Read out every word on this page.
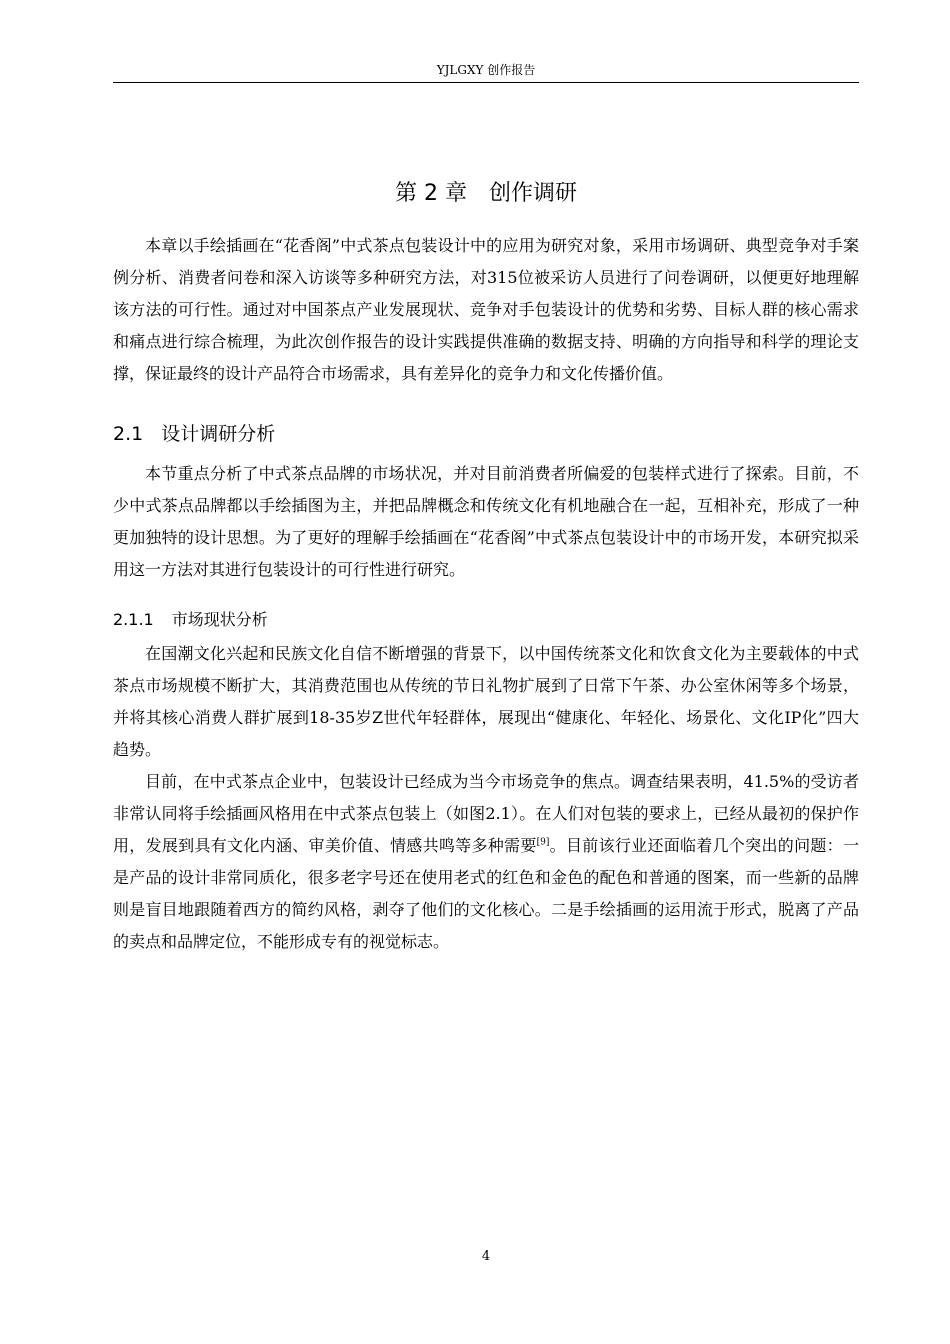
YJLGXY 创作报告
第 2 章 创作调研

本章以手绘插画在“花香阁”中式茶点包装设计中的应用为研究对象，采用市场调研、典型竞争对手案例分析、消费者问卷和深入访谈等多种研究方法，对315位被采访人员进行了问卷调研，以便更好地理解该方法的可行性。通过对中国茶点产业发展现状、竞争对手包装设计的优势和劣势、目标人群的核心需求和痛点进行综合梳理，为此次创作报告的设计实践提供准确的数据支持、明确的方向指导和科学的理论支撑，保证最终的设计产品符合市场需求，具有差异化的竞争力和文化传播价值。

2.1 设计调研分析

本节重点分析了中式茶点品牌的市场状况，并对目前消费者所偏爱的包装样式进行了探索。目前，不少中式茶点品牌都以手绘插图为主，并把品牌概念和传统文化有机地融合在一起，互相补充，形成了一种更加独特的设计思想。为了更好的理解手绘插画在“花香阁”中式茶点包装设计中的市场开发，本研究拟采用这一方法对其进行包装设计的可行性进行研究。

2.1.1 市场现状分析

在国潮文化兴起和民族文化自信不断增强的背景下，以中国传统茶文化和饮食文化为主要载体的中式茶点市场规模不断扩大，其消费范围也从传统的节日礼物扩展到了日常下午茶、办公室休闲等多个场景，并将其核心消费人群扩展到18-35岁Z世代年轻群体，展现出“健康化、年轻化、场景化、文化IP化”四大趋势。

目前，在中式茶点企业中，包装设计已经成为当今市场竞争的焦点。调查结果表明，41.5%的受访者非常认同将手绘插画风格用在中式茶点包装上（如图2.1）。在人们对包装的要求上，已经从最初的保护作用，发展到具有文化内涵、审美价值、情感共鸣等多种需要[9]。目前该行业还面临着几个突出的问题：一是产品的设计非常同质化，很多老字号还在使用老式的红色和金色的配色和普通的图案，而一些新的品牌则是盲目地跟随着西方的简约风格，剥夺了他们的文化核心。二是手绘插画的运用流于形式，脱离了产品的卖点和品牌定位，不能形成专有的视觉标志。

4
